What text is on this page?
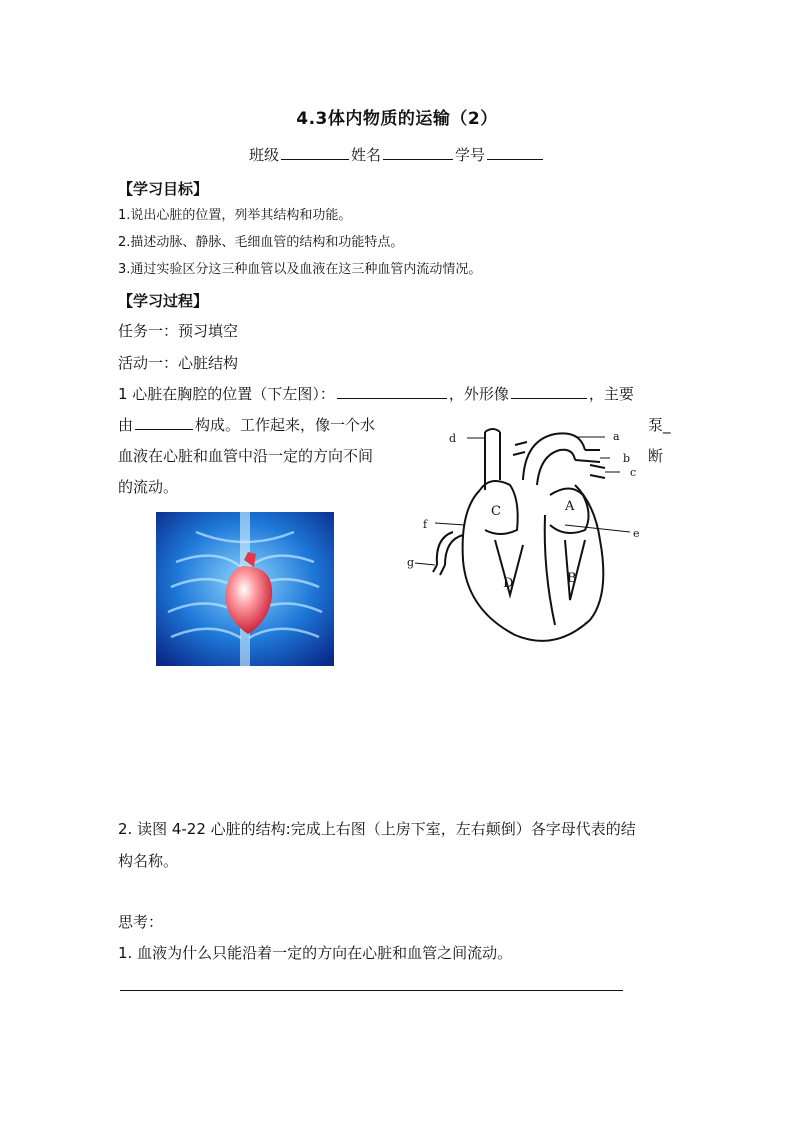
4.3体内物质的运输（2）
班级	姓名	学号
【学习目标】
1.说出心脏的位置，列举其结构和功能。
2.描述动脉、静脉、毛细血管的结构和功能特点。
3.通过实验区分这三种血管以及血液在这三种血管内流动情况。
【学习过程】
任务一：预习填空
活动一：心脏结构
1 心脏在胸腔的位置（下左图）：	，外形像	，主要
由	构成。工作起来，像一个水	泵_
血液在心脏和血管中沿一定的方向不间	断
的流动。
d	a
b
c
f
e
g
C	A
D	B
2. 读图 4-22 心脏的结构:完成上右图（上房下室，左右颠倒）各字母代表的结
构名称。
思考：
1. 血液为什么只能沿着一定的方向在心脏和血管之间流动。
